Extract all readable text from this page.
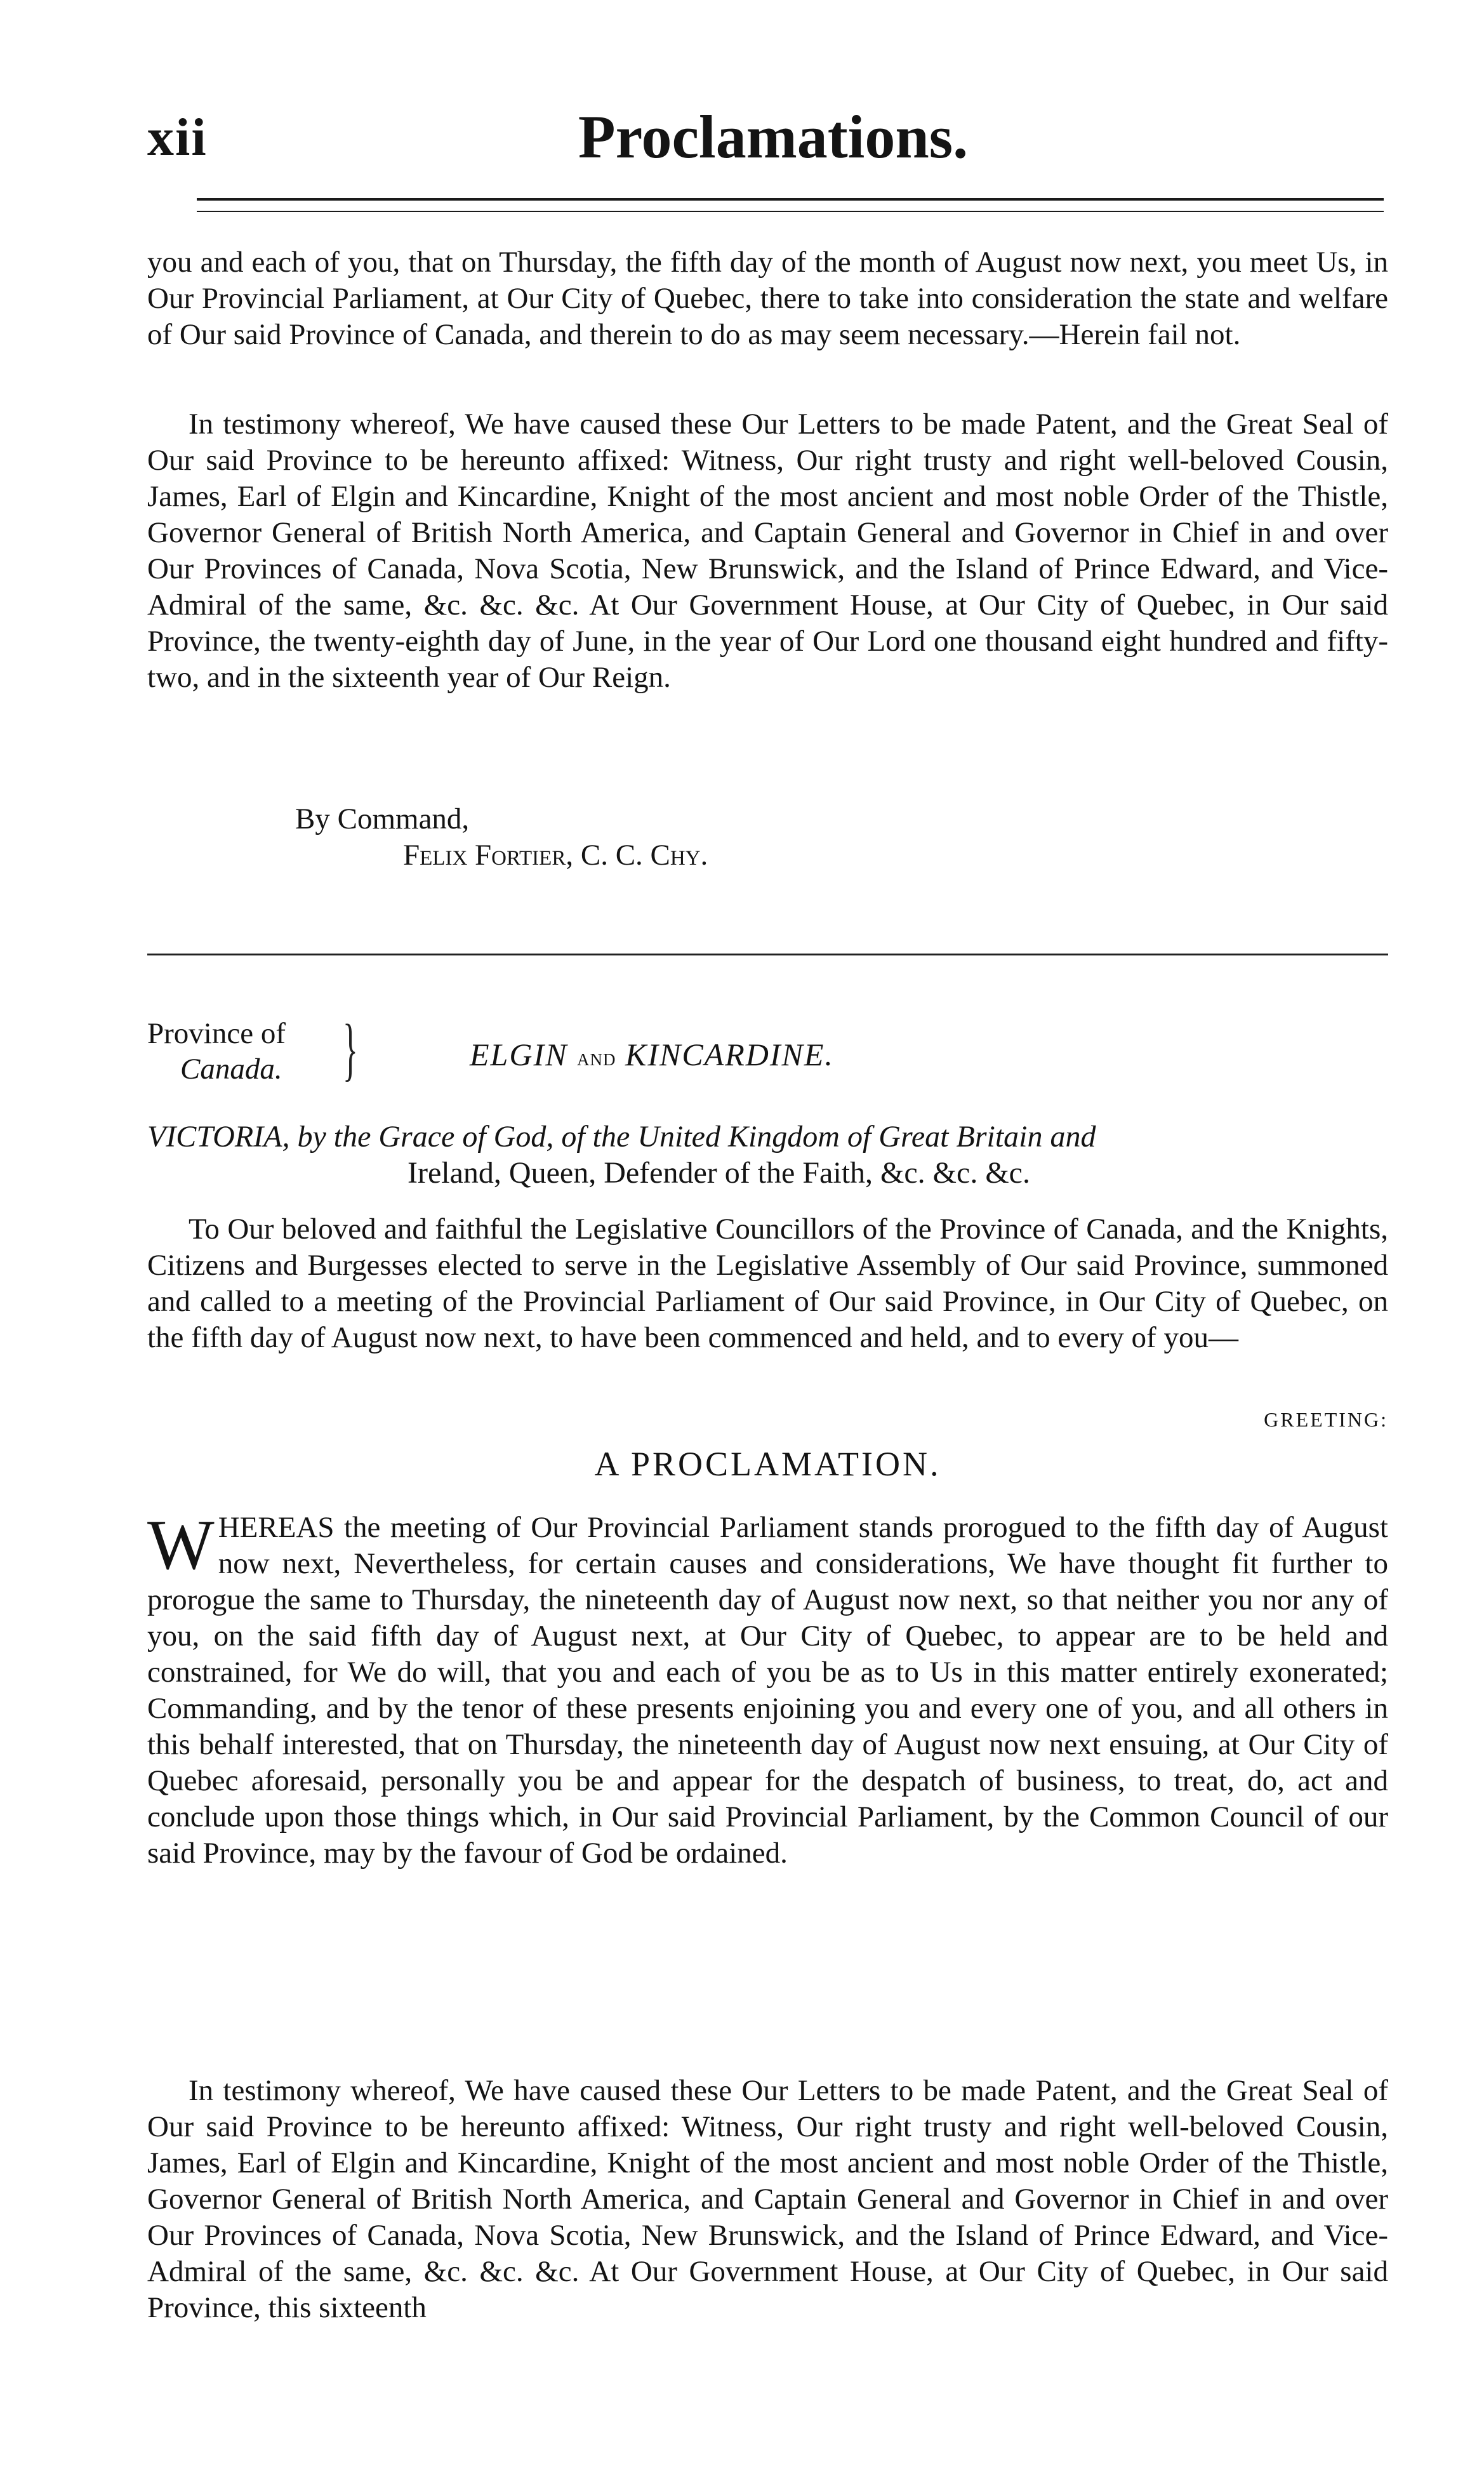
xii	Proclamations.

you and each of you, that on Thursday, the fifth day of the month of August now next, you meet Us, in Our Provincial Parliament, at Our City of Quebec, there to take into consideration the state and welfare of Our said Province of Canada, and therein to do as may seem necessary.—Herein fail not.

In testimony whereof, We have caused these Our Letters to be made Patent, and the Great Seal of Our said Province to be hereunto affixed: Witness, Our right trusty and right well-beloved Cousin, James, Earl of Elgin and Kincardine, Knight of the most ancient and most noble Order of the Thistle, Governor General of British North America, and Captain General and Governor in Chief in and over Our Provinces of Canada, Nova Scotia, New Brunswick, and the Island of Prince Edward, and Vice-Admiral of the same, &c. &c. &c. At Our Government House, at Our City of Quebec, in Our said Province, the twenty-eighth day of June, in the year of Our Lord one thousand eight hundred and fifty-two, and in the sixteenth year of Our Reign.

By Command,
Felix Fortier, C. C. Chy.
Province of
Canada. }	ELGIN and KINCARDINE.
VICTORIA, by the Grace of God, of the United Kingdom of Great Britain and
Ireland, Queen, Defender of the Faith, &c. &c. &c.

To Our beloved and faithful the Legislative Councillors of the Province of Canada, and the Knights, Citizens and Burgesses elected to serve in the Legislative Assembly of Our said Province, summoned and called to a meeting of the Provincial Parliament of Our said Province, in Our City of Quebec, on the fifth day of August now next, to have been commenced and held, and to every of you—

GREETING:
A PROCLAMATION.

WHEREAS the meeting of Our Provincial Parliament stands prorogued to the fifth day of August now next, Nevertheless, for certain causes and considerations, We have thought fit further to prorogue the same to Thursday, the nineteenth day of August now next, so that neither you nor any of you, on the said fifth day of August next, at Our City of Quebec, to appear are to be held and constrained, for We do will, that you and each of you be as to Us in this matter entirely exonerated; Commanding, and by the tenor of these presents enjoining you and every one of you, and all others in this behalf interested, that on Thursday, the nineteenth day of August now next ensuing, at Our City of Quebec aforesaid, personally you be and appear for the despatch of business, to treat, do, act and conclude upon those things which, in Our said Provincial Parliament, by the Common Council of our said Province, may by the favour of God be ordained.

In testimony whereof, We have caused these Our Letters to be made Patent, and the Great Seal of Our said Province to be hereunto affixed: Witness, Our right trusty and right well-beloved Cousin, James, Earl of Elgin and Kincardine, Knight of the most ancient and most noble Order of the Thistle, Governor General of British North America, and Captain General and Governor in Chief in and over Our Provinces of Canada, Nova Scotia, New Brunswick, and the Island of Prince Edward, and Vice-Admiral of the same, &c. &c. &c. At Our Government House, at Our City of Quebec, in Our said Province, this sixteenth
